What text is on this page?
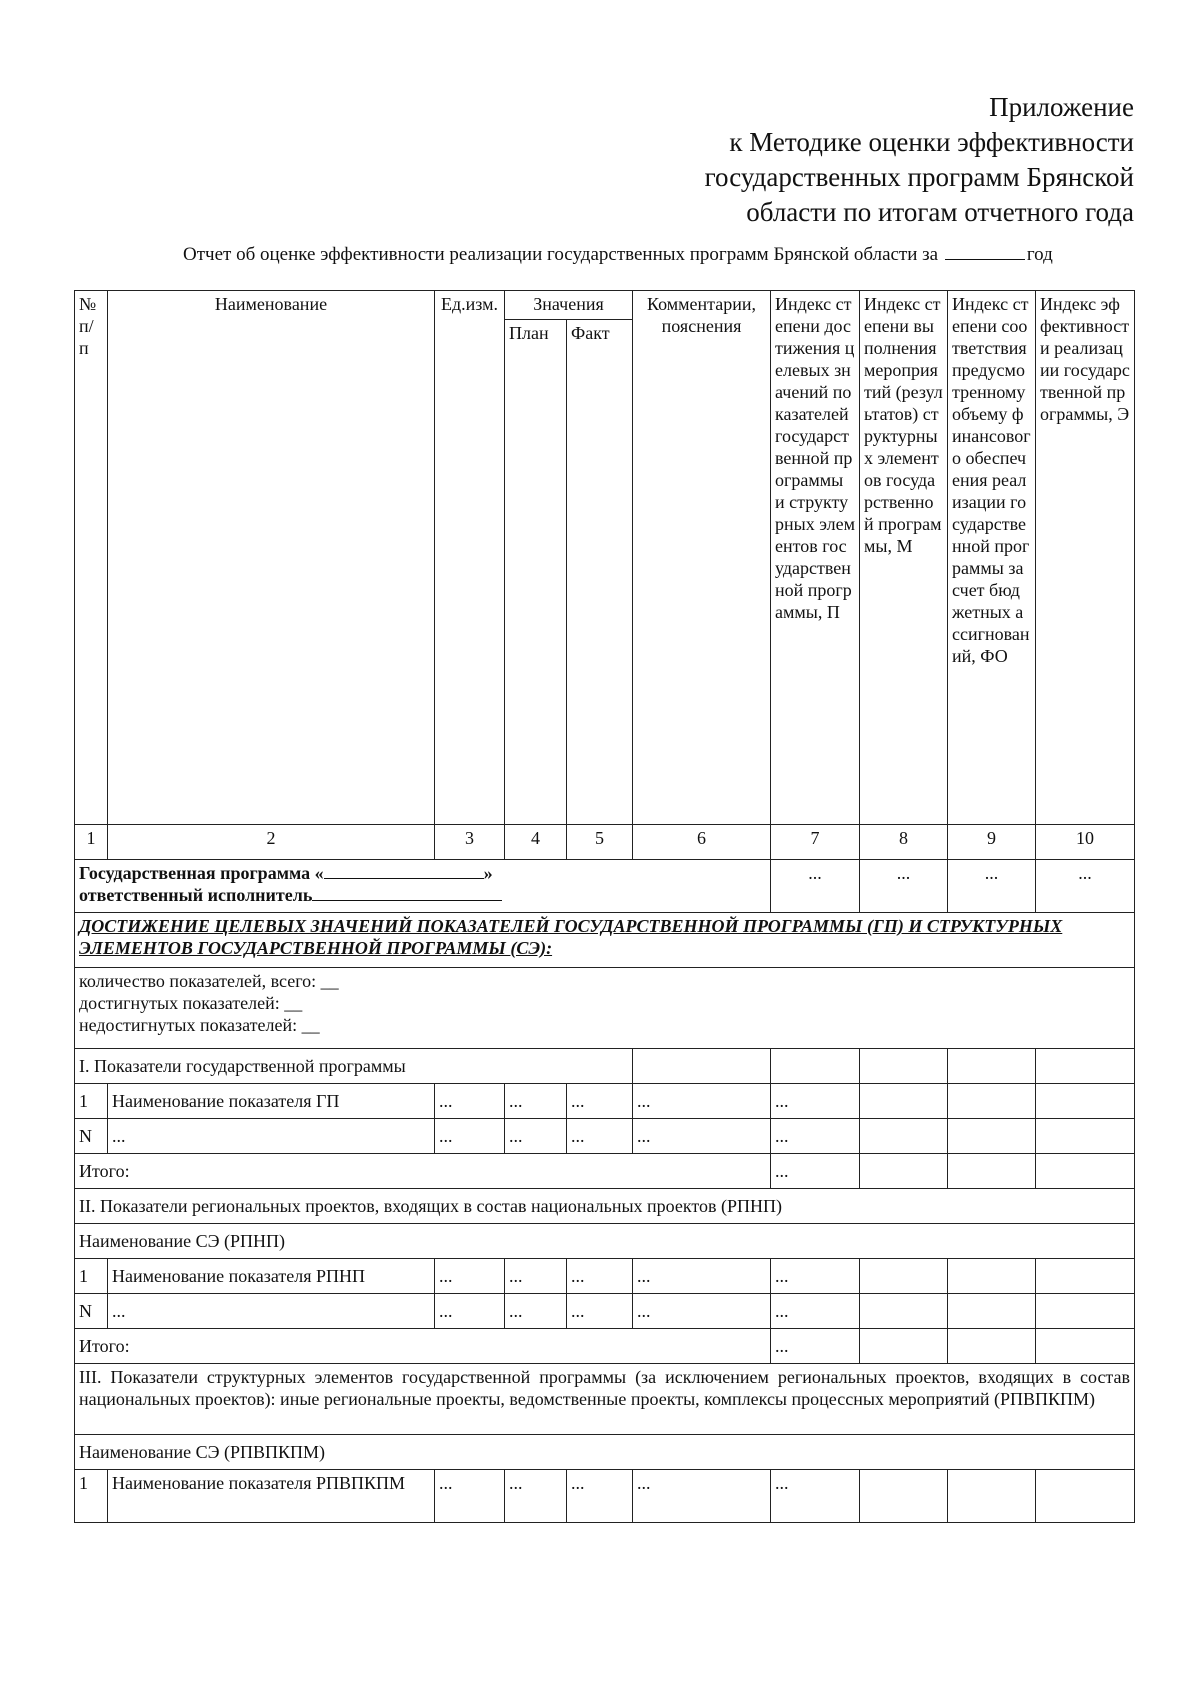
Приложение
к Методике оценки эффективности
государственных программ Брянской
области по итогам отчетного года
Отчет об оценке эффективности реализации государственных программ Брянской области за	год
№ п/п	Наименование	Ед.изм.	Значения		Комментарии, пояснения	Индекс степени достижения целевых значений показателей государственной программы и структурных элементов государственной программы, П	Индекс степени выполнения мероприятий (результатов) структурных элементов государственной программы, М	Индекс степени соответствия предусмотренному объему финансового обеспечения реализации государственной программы за счет бюджетных ассигнований, ФО	Индекс эффективности реализации государственной программы, Э
			План	Факт					
1	2	3	4	5	6	7	8	9	10
Государственная программа « »
ответственный исполнитель						...	...	...	...
ДОСТИЖЕНИЕ ЦЕЛЕВЫХ ЗНАЧЕНИЙ ПОКАЗАТЕЛЕЙ ГОСУДАРСТВЕННОЙ ПРОГРАММЫ (ГП) И СТРУКТУРНЫХ ЭЛЕМЕНТОВ ГОСУДАРСТВЕННОЙ ПРОГРАММЫ (СЭ):									

количество показателей, всего: __
достигнутых показателей: __
недостигнутых показателей: __									

I. Показатели государственной программы									
1	Наименование показателя ГП	...	...	...	...	...			
N	...	...	...	...	...	...			
Итого:						...			
II. Показатели региональных проектов, входящих в состав национальных проектов (РПНП)									
Наименование СЭ (РПНП)									
1	Наименование показателя РПНП	...	...	...	...	...			
N	...	...	...	...	...	...			
Итого:						...			
III. Показатели структурных элементов государственной программы (за исключением региональных проектов, входящих в состав национальных проектов): иные региональные проекты, ведомственные проекты, комплексы процессных мероприятий (РПВПКПМ)									
Наименование СЭ (РПВПКПМ)									
1	Наименование показателя РПВПКПМ	...	...	...	...	...			
